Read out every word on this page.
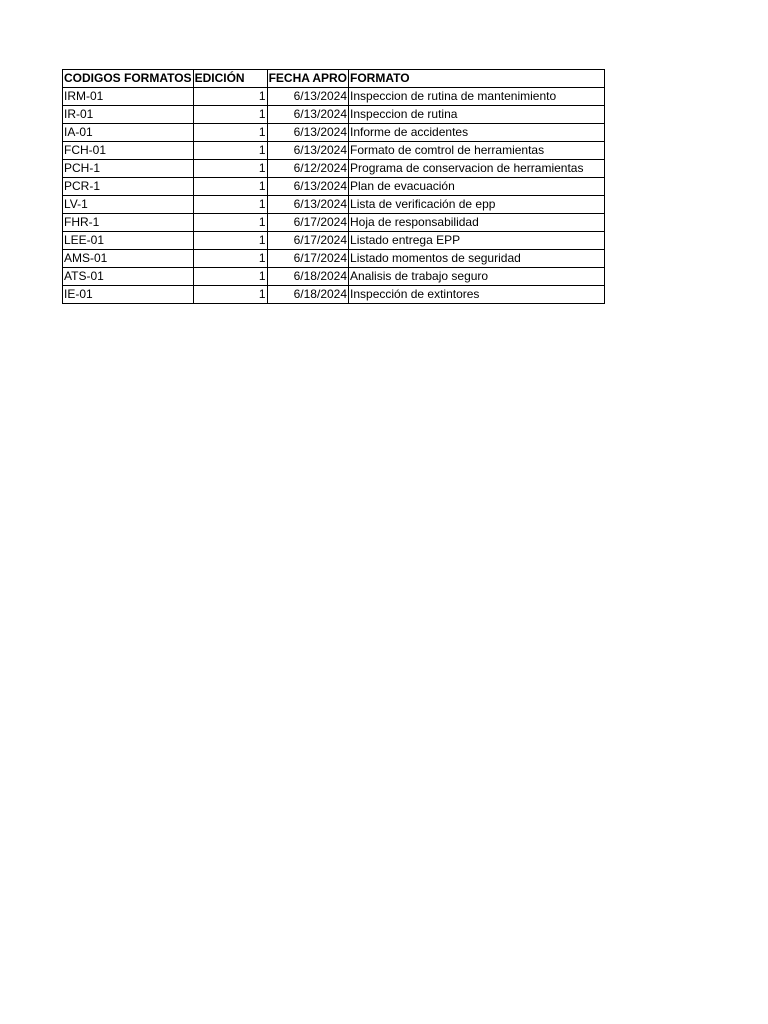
CODIGOS FORMATOS	EDICIÓN	FECHA APRO	FORMATO
IRM-01	1	6/13/2024	Inspeccion de rutina de mantenimiento
IR-01	1	6/13/2024	Inspeccion de rutina
IA-01	1	6/13/2024	Informe de accidentes
FCH-01	1	6/13/2024	Formato de comtrol de herramientas
PCH-1	1	6/12/2024	Programa de conservacion de herramientas
PCR-1	1	6/13/2024	Plan de evacuación
LV-1	1	6/13/2024	Lista de verificación de epp
FHR-1	1	6/17/2024	Hoja de responsabilidad
LEE-01	1	6/17/2024	Listado entrega EPP
AMS-01	1	6/17/2024	Listado momentos de seguridad
ATS-01	1	6/18/2024	Analisis de trabajo seguro
IE-01	1	6/18/2024	Inspección de extintores
